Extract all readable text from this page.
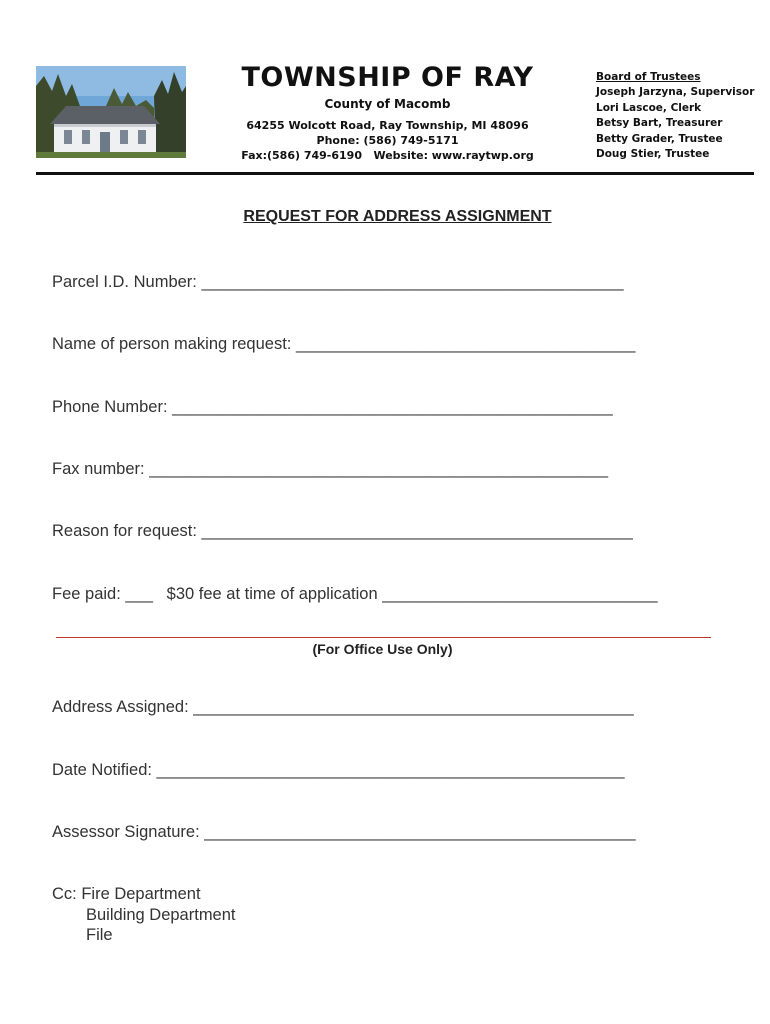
TOWNSHIP OF RAY
County of Macomb
64255 Wolcott Road, Ray Township, MI 48096
Phone: (586) 749-5171
Fax:(586) 749-6190   Website: www.raytwp.org
Board of Trustees
Joseph Jarzyna, Supervisor
Lori Lascoe, Clerk
Betsy Bart, Treasurer
Betty Grader, Trustee
Doug Stier, Trustee
REQUEST FOR ADDRESS ASSIGNMENT
Parcel I.D. Number: ______________________________________________
Name of person making request: _____________________________________
Phone Number: ________________________________________________
Fax number: __________________________________________________
Reason for request: _______________________________________________
Fee paid: ___   $30 fee at time of application ______________________________
(For Office Use Only)
Address Assigned: ________________________________________________
Date Notified: ___________________________________________________
Assessor Signature: _______________________________________________
Cc: Fire Department
Building Department
File
